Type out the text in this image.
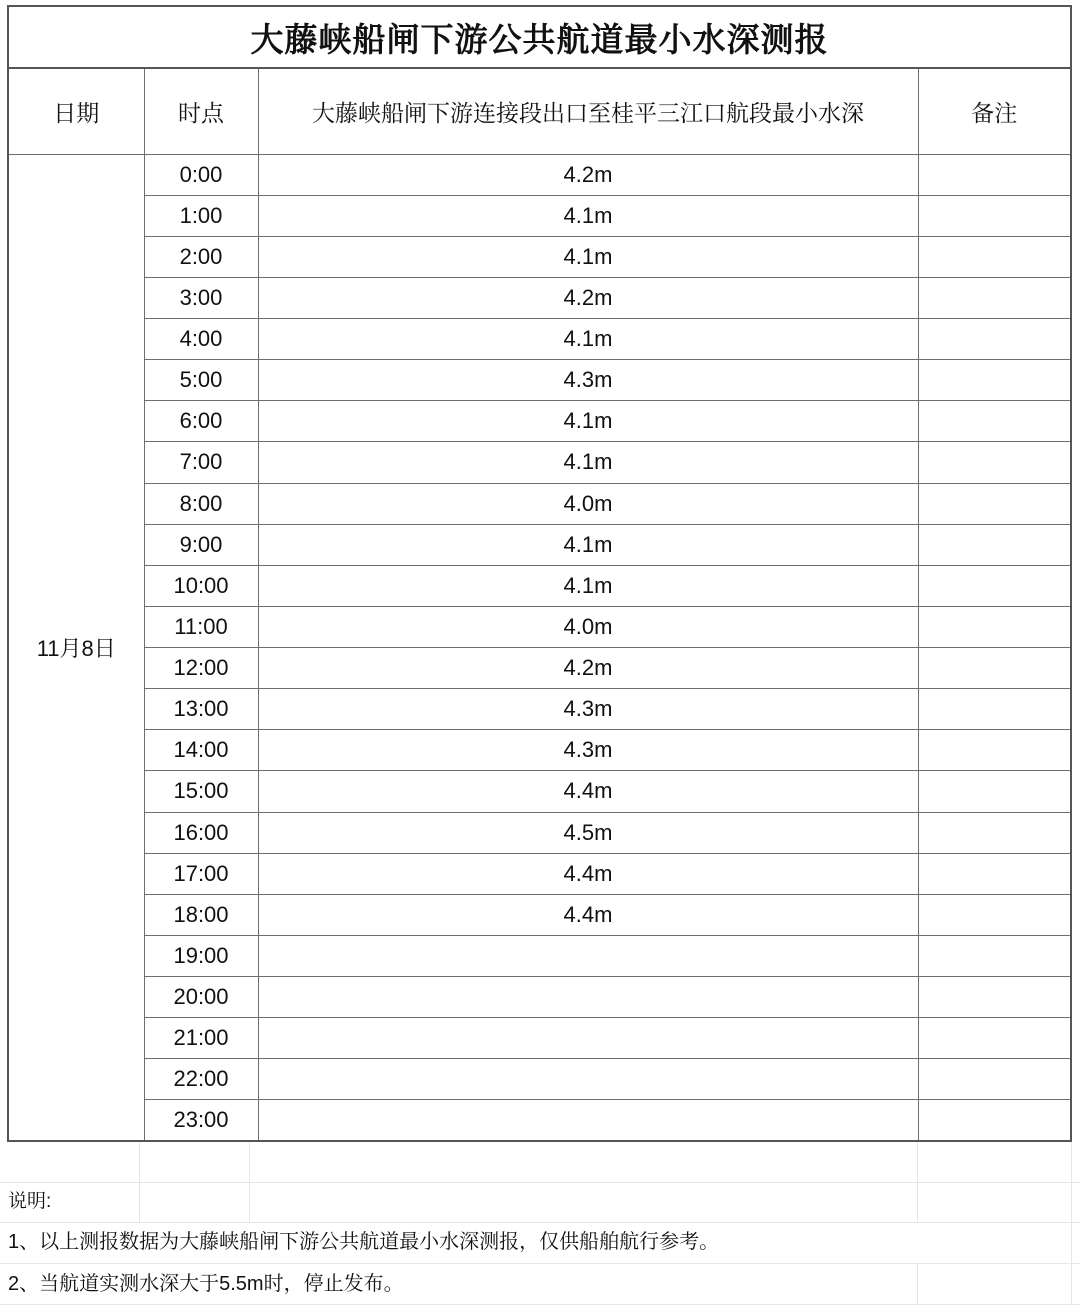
大藤峡船闸下游公共航道最小水深测报			
日期	时点	大藤峡船闸下游连接段出口至桂平三江口航段最小水深	备注
11月8日	0:00	4.2m	
	1:00	4.1m	
	2:00	4.1m	
	3:00	4.2m	
	4:00	4.1m	
	5:00	4.3m	
	6:00	4.1m	
	7:00	4.1m	
	8:00	4.0m	
	9:00	4.1m	
	10:00	4.1m	
	11:00	4.0m	
	12:00	4.2m	
	13:00	4.3m	
	14:00	4.3m	
	15:00	4.4m	
	16:00	4.5m	
	17:00	4.4m	
	18:00	4.4m	
	19:00		
	20:00		
	21:00		
	22:00		
	23:00		
说明:
1、以上测报数据为大藤峡船闸下游公共航道最小水深测报，仅供船舶航行参考。
2、当航道实测水深大于5.5m时，停止发布。
